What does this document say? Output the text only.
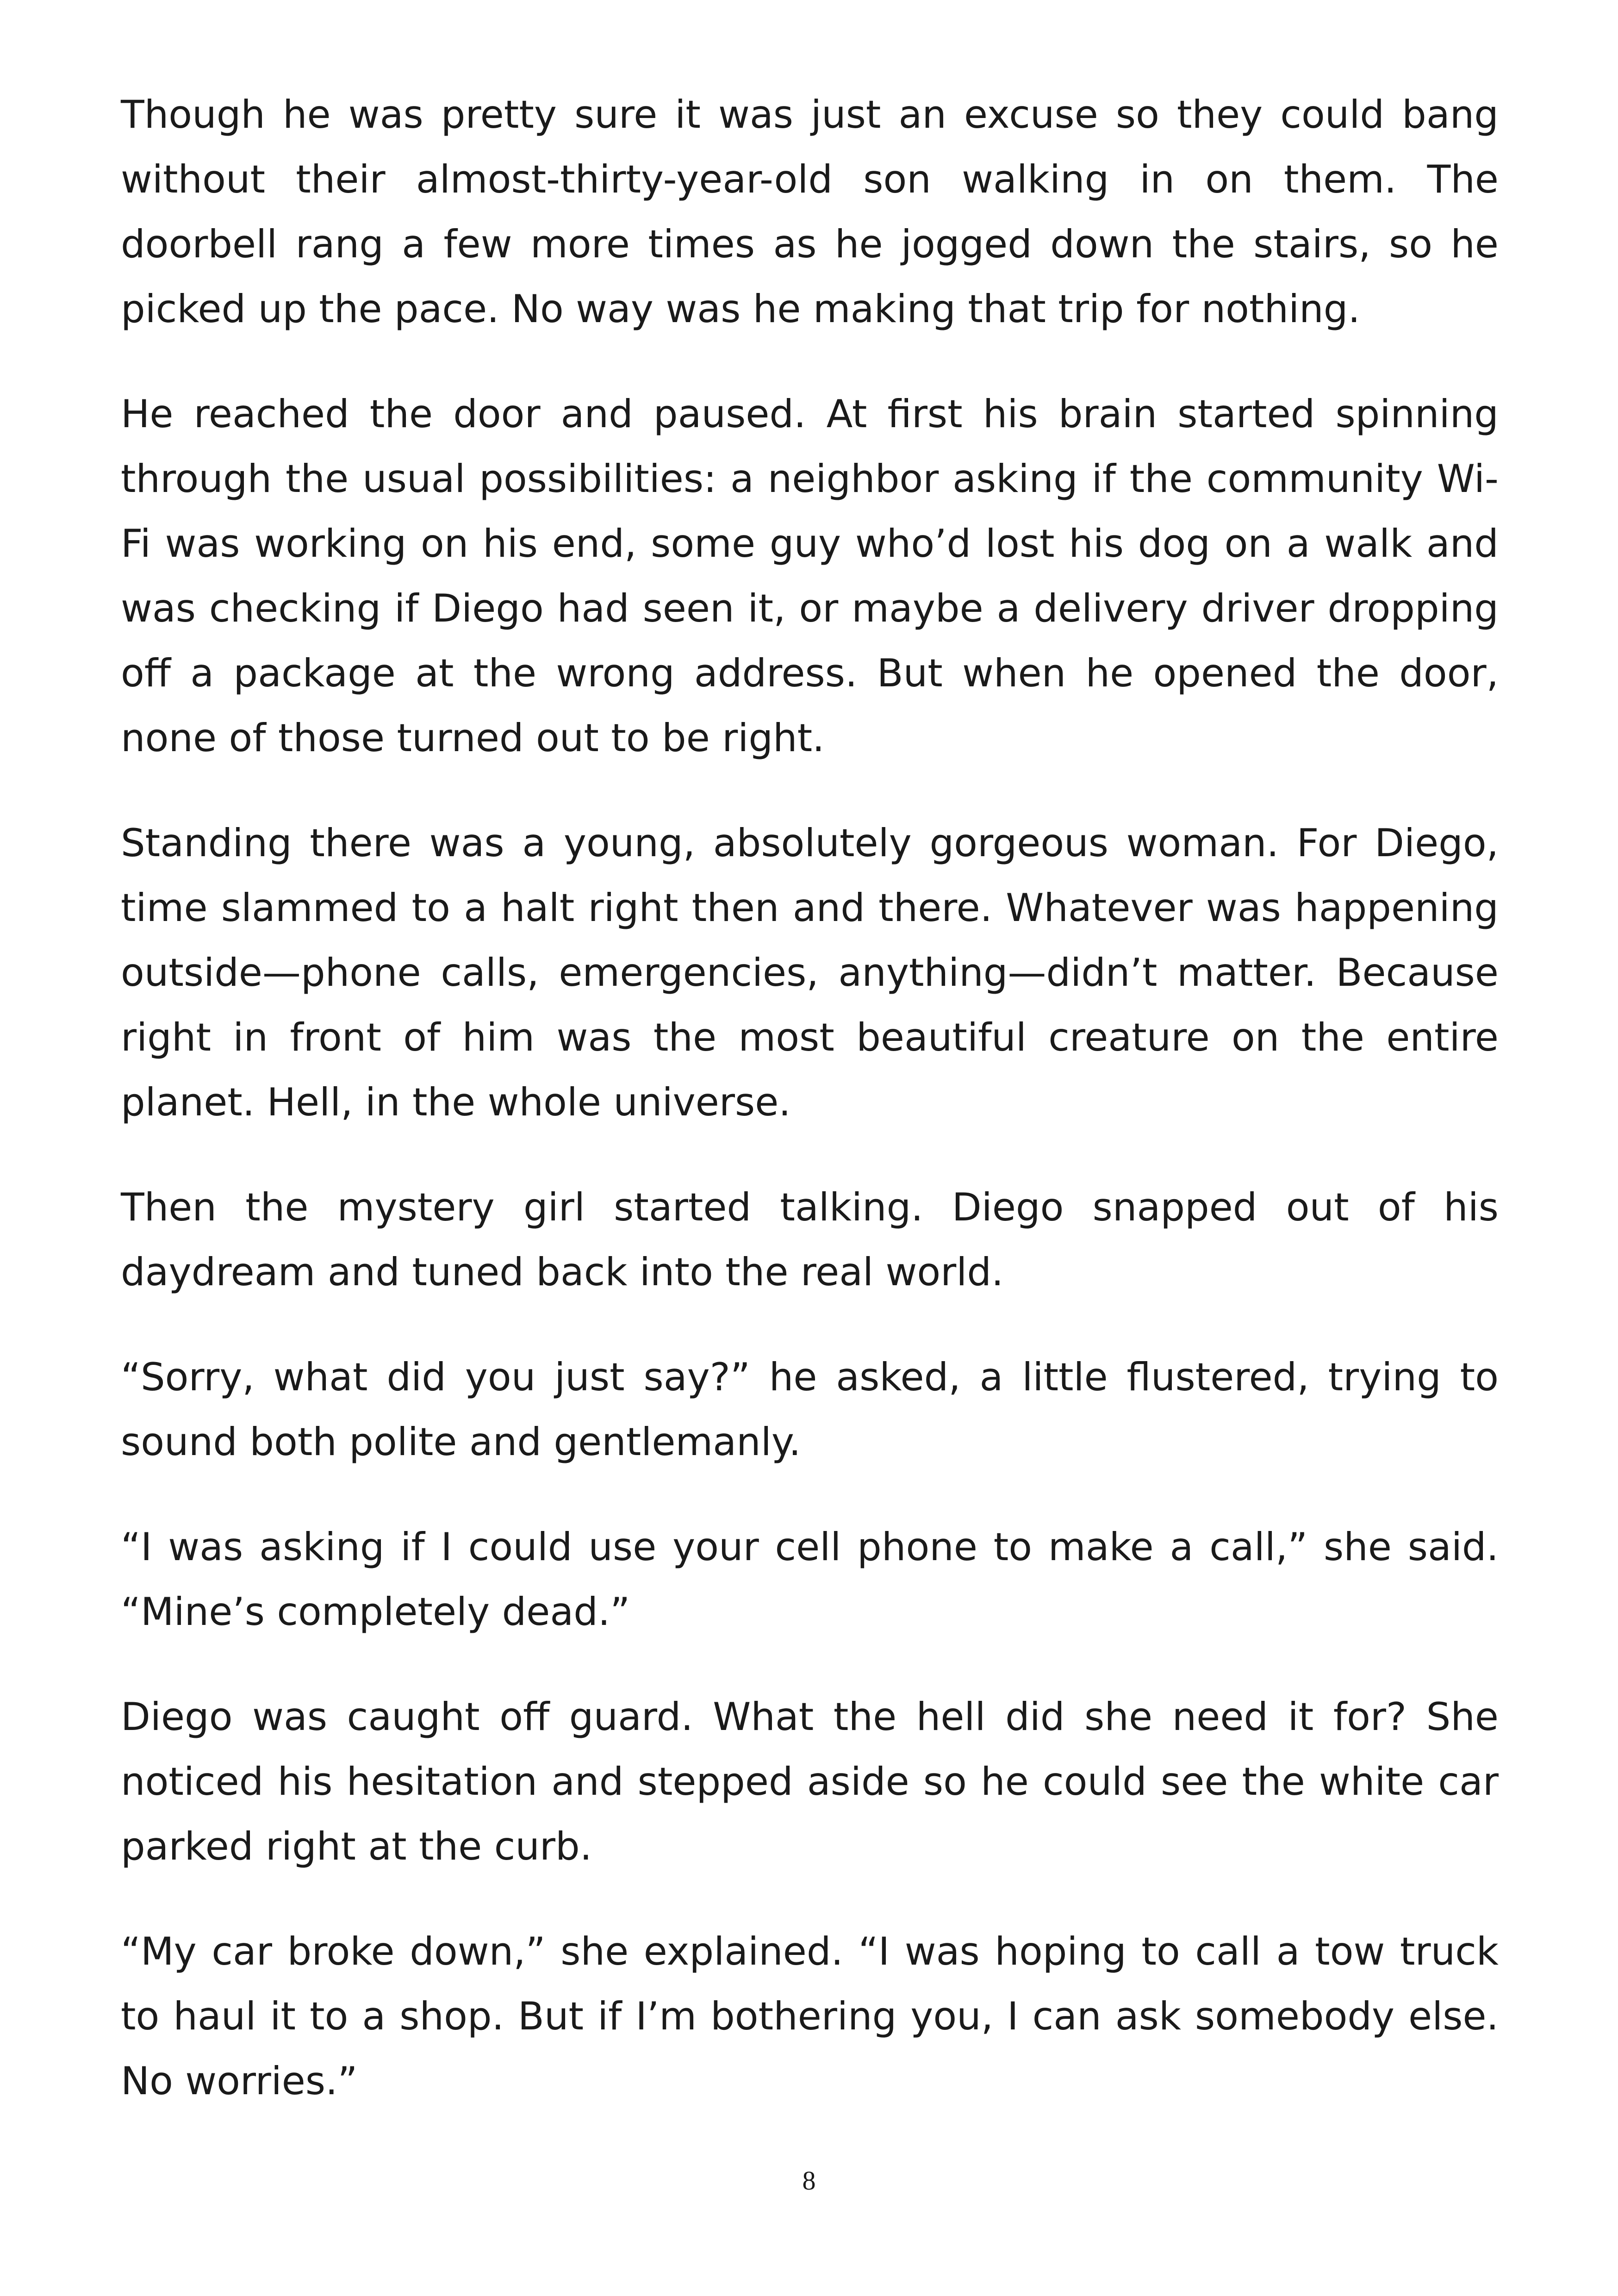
Though he was pretty sure it was just an excuse so they could bang without their almost-thirty-year-old son walking in on them. The doorbell rang a few more times as he jogged down the stairs, so he picked up the pace. No way was he making that trip for nothing.

He reached the door and paused. At first his brain started spinning through the usual possibilities: a neighbor asking if the community Wi-Fi was working on his end, some guy who’d lost his dog on a walk and was checking if Diego had seen it, or maybe a delivery driver dropping off a package at the wrong address. But when he opened the door, none of those turned out to be right.

Standing there was a young, absolutely gorgeous woman. For Diego, time slammed to a halt right then and there. Whatever was happening outside—phone calls, emergencies, anything—didn’t matter. Because right in front of him was the most beautiful creature on the entire planet. Hell, in the whole universe.

Then the mystery girl started talking. Diego snapped out of his daydream and tuned back into the real world.

“Sorry, what did you just say?” he asked, a little flustered, trying to sound both polite and gentlemanly.

“I was asking if I could use your cell phone to make a call,” she said. “Mine’s completely dead.”

Diego was caught off guard. What the hell did she need it for? She noticed his hesitation and stepped aside so he could see the white car parked right at the curb.

“My car broke down,” she explained. “I was hoping to call a tow truck to haul it to a shop. But if I’m bothering you, I can ask somebody else. No worries.”

8
